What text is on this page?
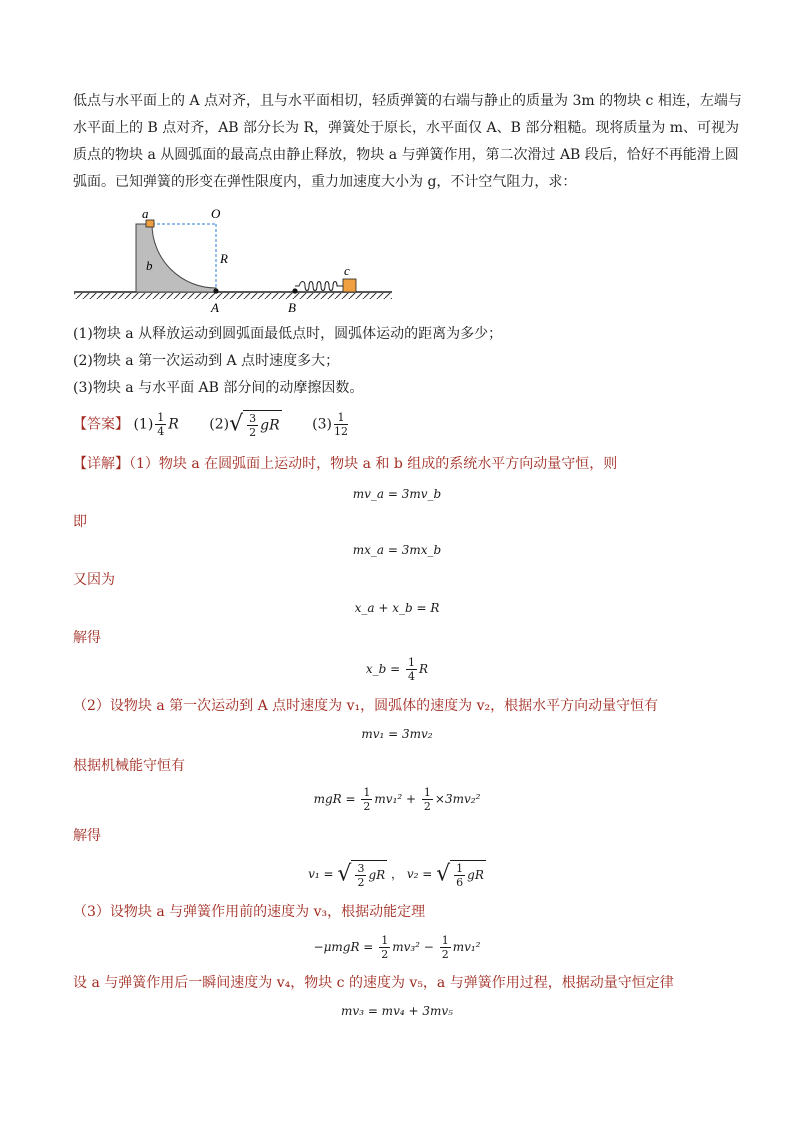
低点与水平面上的 A 点对齐，且与水平面相切，轻质弹簧的右端与静止的质量为 3m 的物块 c 相连，左端与
水平面上的 B 点对齐，AB 部分长为 R，弹簧处于原长，水平面仅 A、B 部分粗糙。现将质量为 m、可视为
质点的物块 a 从圆弧面的最高点由静止释放，物块 a 与弹簧作用，第二次滑过 AB 段后，恰好不再能滑上圆
弧面。已知弹簧的形变在弹性限度内，重力加速度大小为 g，不计空气阻力，求：
a	O
b	R
A	B
c
(1)物块 a 从释放运动到圆弧面最低点时，圆弧体运动的距离为多少；
(2)物块 a 第一次运动到 A 点时速度多大；
(3)物块 a 与水平面 AB 部分间的动摩擦因数。
【答案】 $(1) \frac{1}{4}$ R $(2)√ \frac{3}{2}$ gR $(3) \frac{1}{12}$
【详解】（1）物块 a 在圆弧面上运动时，物块 a 和 b 组成的系统水平方向动量守恒，则
mv_a = 3mv_b
即
mx_a = 3mx_b
又因为
x_a + x_b = R
解得
x_b = $\frac{1}{4}$ R
（2）设物块 a 第一次运动到 A 点时速度为 v₁，圆弧体的速度为 v₂，根据水平方向动量守恒有
mv₁ = 3mv₂
根据机械能守恒有
mgR = $\frac{1}{2} mv_1^2 + \frac{1}{2} \times 3mv_2^2$
解得
v₁ = √ $\frac{3}{2}$ gR ， v₂ = √ $\frac{1}{6}$ gR
（3）设物块 a 与弹簧作用前的速度为 v₃，根据动能定理
$-\mu mgR = \frac{1}{2} mv_3^2 - \frac{1}{2} mv_1^2$
设 a 与弹簧作用后一瞬间速度为 v₄，物块 c 的速度为 v₅，a 与弹簧作用过程，根据动量守恒定律
mv₃ = mv₄ + 3mv₅
